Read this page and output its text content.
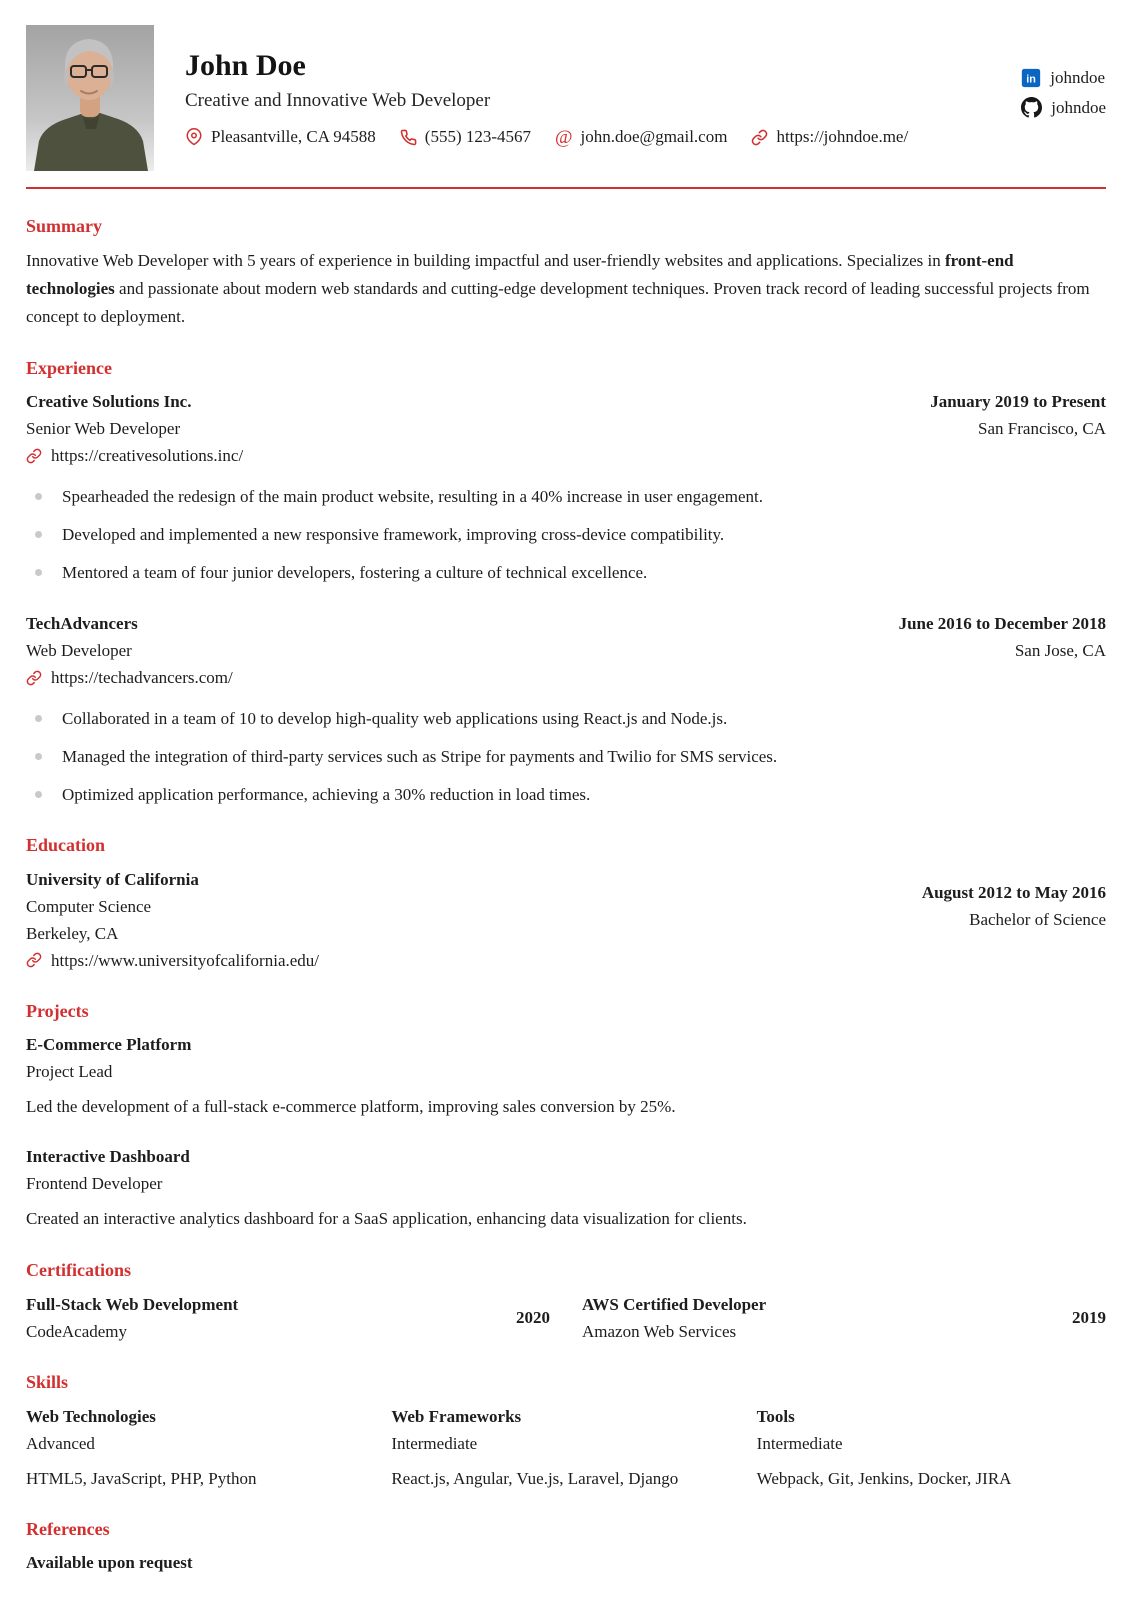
John Doe
Creative and Innovative Web Developer
Pleasantville, CA 94588	(555) 123-4567 @ john.doe@gmail.com	https://johndoe.me/
in johndoe
johndoe
Summary

Innovative Web Developer with 5 years of experience in building impactful and user-friendly websites and applications. Specializes in front-end technologies and passionate about modern web standards and cutting-edge development techniques. Proven track record of leading successful projects from concept to deployment.

Experience
Creative Solutions Inc.
Senior Web Developer
January 2019 to Present
San Francisco, CA
https://creativesolutions.inc/
Spearheaded the redesign of the main product website, resulting in a 40% increase in user engagement.
Developed and implemented a new responsive framework, improving cross-device compatibility.
Mentored a team of four junior developers, fostering a culture of technical excellence.
TechAdvancers
Web Developer
June 2016 to December 2018
San Jose, CA
https://techadvancers.com/
Collaborated in a team of 10 to develop high-quality web applications using React.js and Node.js.
Managed the integration of third-party services such as Stripe for payments and Twilio for SMS services.
Optimized application performance, achieving a 30% reduction in load times.
Education
University of California
Computer Science
Berkeley, CA
August 2012 to May 2016
Bachelor of Science
https://www.universityofcalifornia.edu/
Projects
E-Commerce Platform
Project Lead

Led the development of a full-stack e-commerce platform, improving sales conversion by 25%.

Interactive Dashboard
Frontend Developer

Created an interactive analytics dashboard for a SaaS application, enhancing data visualization for clients.

Certifications
Full-Stack Web Development
CodeAcademy
2020
AWS Certified Developer
Amazon Web Services
2019
Skills
Web Technologies
Advanced
HTML5, JavaScript, PHP, Python
Web Frameworks
Intermediate
React.js, Angular, Vue.js, Laravel, Django
Tools
Intermediate
Webpack, Git, Jenkins, Docker, JIRA
References
Available upon request
